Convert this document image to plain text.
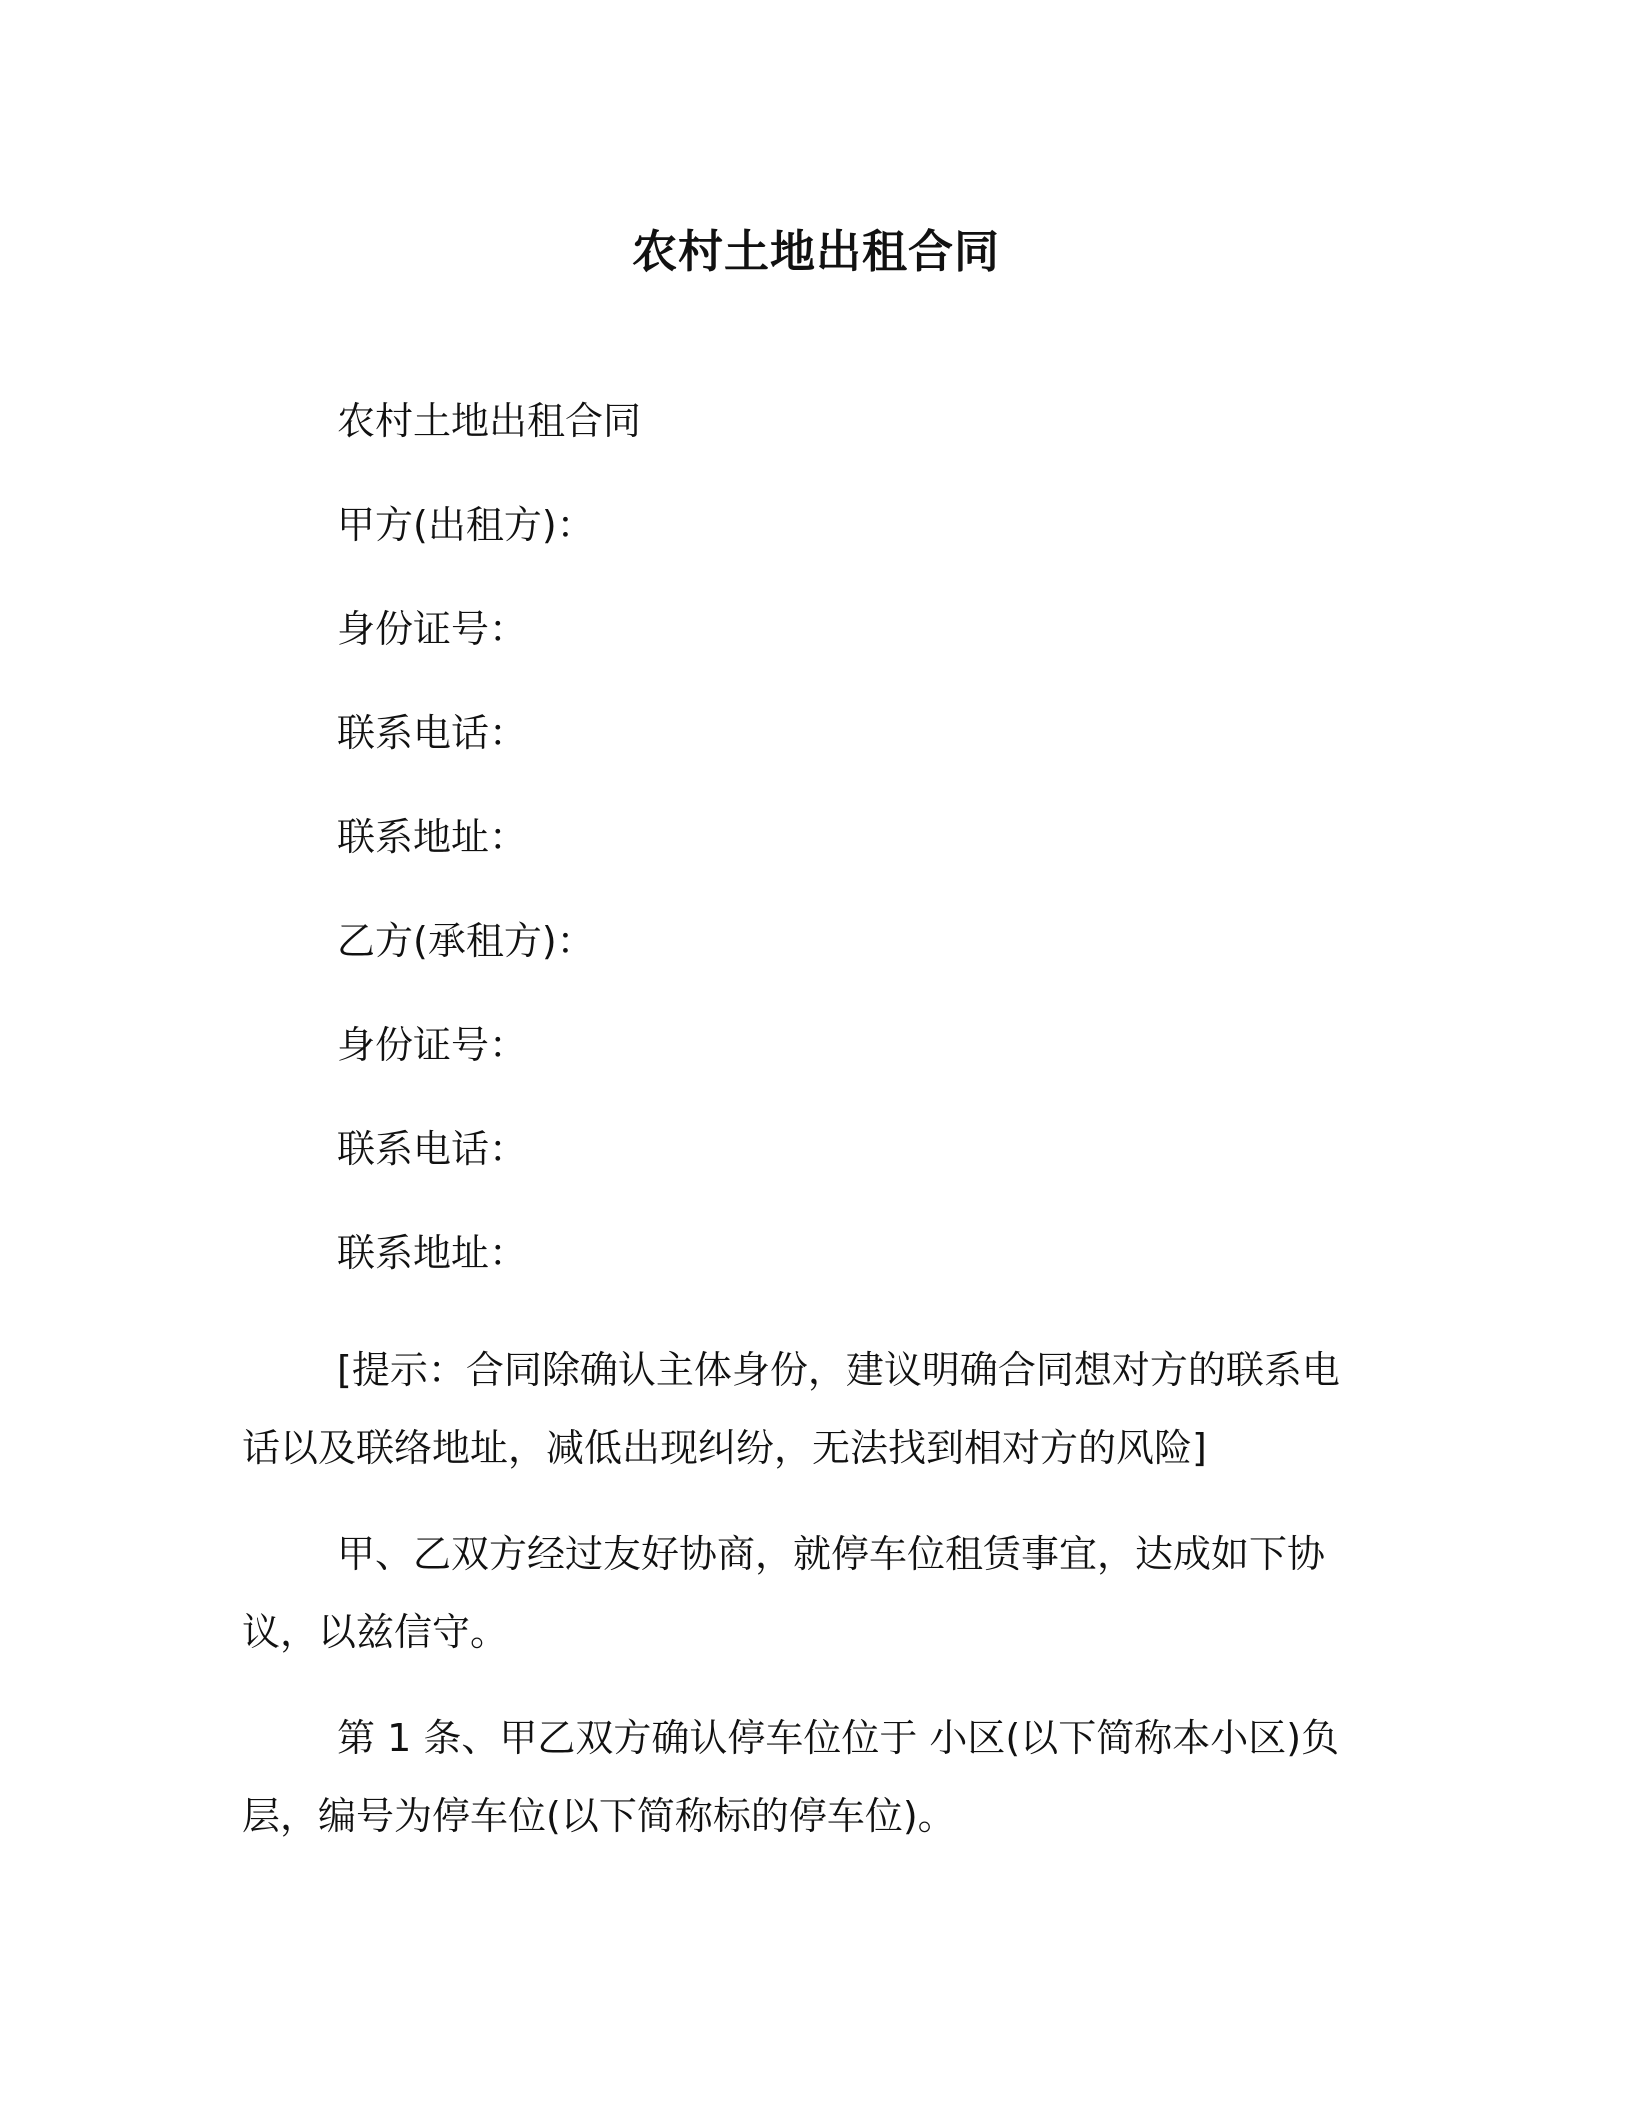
农村土地出租合同

农村土地出租合同

甲方(出租方)：

身份证号：

联系电话：

联系地址：

乙方(承租方)：

身份证号：

联系电话：

联系地址：

[提示：合同除确认主体身份，建议明确合同想对方的联系电话以及联络地址，减低出现纠纷，无法找到相对方的风险]

甲、乙双方经过友好协商，就停车位租赁事宜，达成如下协议，以兹信守。

第 1 条、甲乙双方确认停车位位于 小区(以下简称本小区)负 层，编号为停车位(以下简称标的停车位)。
